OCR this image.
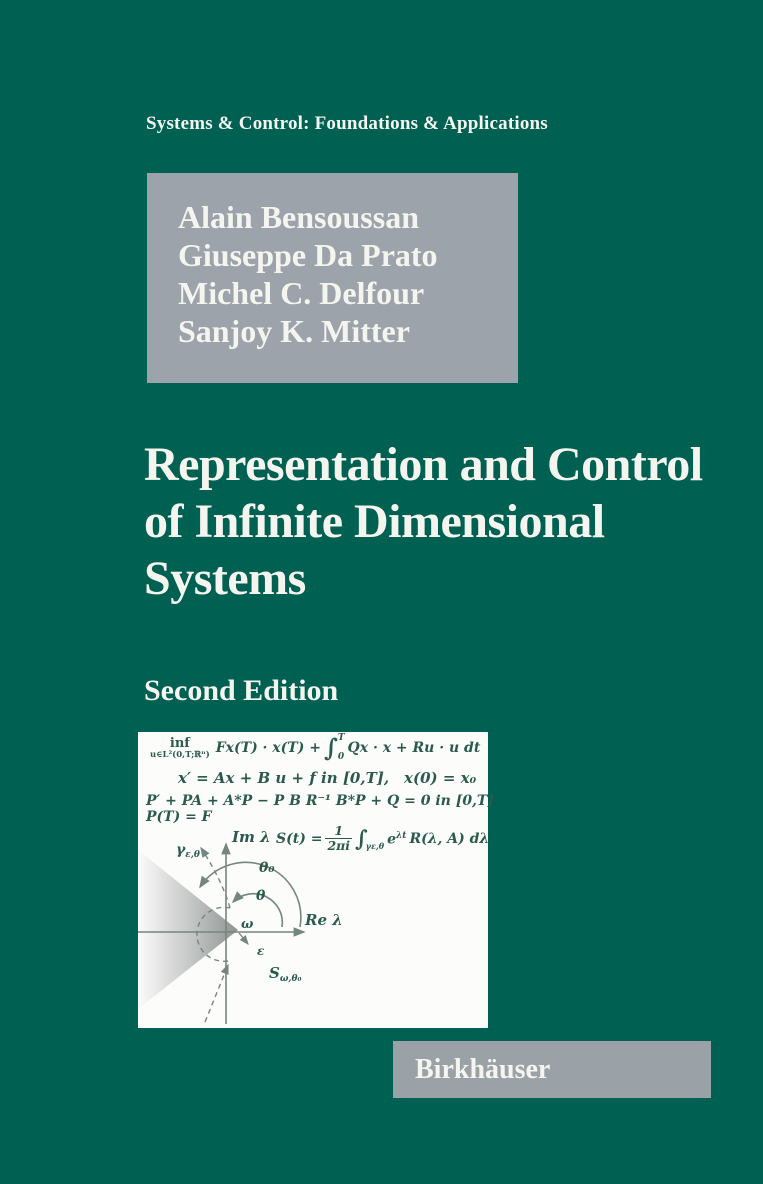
Systems & Control: Foundations & Applications
Alain Bensoussan
Giuseppe Da Prato
Michel C. Delfour
Sanjoy K. Mitter
Representation and Control
of Infinite Dimensional
Systems
Second Edition
Im λ
Re λ
$\gamma_{\varepsilon,\theta}$
θ₀
θ
ω
ε
$S_{\omega,\theta_0}$
inf
u∈L²(0,T;ℝⁿ) Fx(T) · x(T) + ∫ T
0
Qx · x + Ru · u dt
x′ = Ax + B u + f in [0,T],  x(0) = x₀
P′ + PA + A*P − P B R⁻¹ B*P + Q = 0 in [0,T]
P(T) = F
$S(t) = \frac{1}{2\pi i}$ ∫
γε,θ $e^{\lambda t}$ R(λ, A) dλ
Birkhäuser
